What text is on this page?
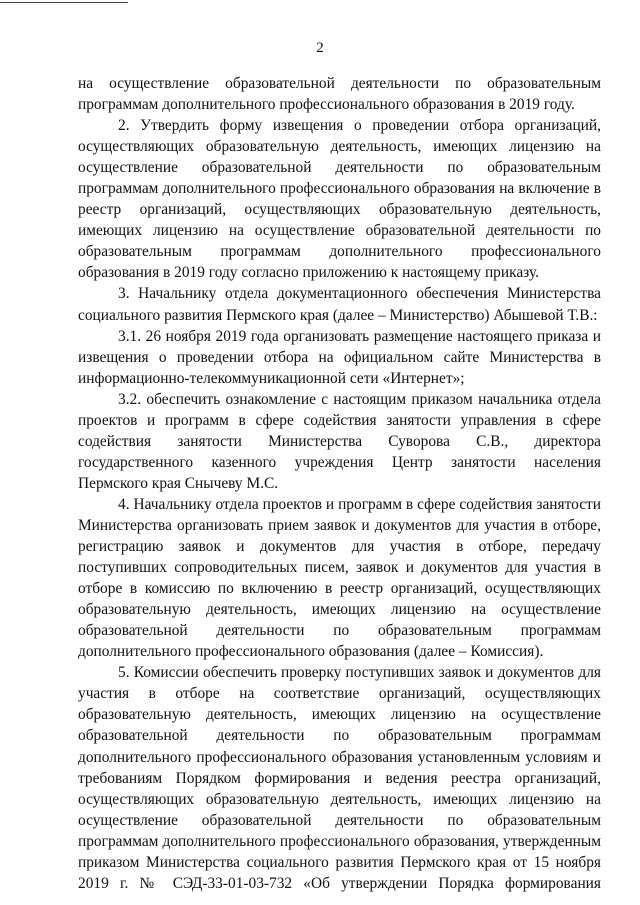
2

на осуществление образовательной деятельности по образовательным программам дополнительного профессионального образования в 2019 году.

2. Утвердить форму извещения о проведении отбора организаций, осуществляющих образовательную деятельность, имеющих лицензию на осуществление образовательной деятельности по образовательным программам дополнительного профессионального образования на включение в реестр организаций, осуществляющих образовательную деятельность, имеющих лицензию на осуществление образовательной деятельности по образовательным программам дополнительного профессионального образования в 2019 году согласно приложению к настоящему приказу.

3. Начальнику отдела документационного обеспечения Министерства социального развития Пермского края (далее – Министерство) Абышевой Т.В.:

3.1. 26 ноября 2019 года организовать размещение настоящего приказа и извещения о проведении отбора на официальном сайте Министерства в информационно-телекоммуникационной сети «Интернет»;

3.2. обеспечить ознакомление с настоящим приказом начальника отдела проектов и программ в сфере содействия занятости управления в сфере содействия занятости Министерства Суворова С.В., директора государственного казенного учреждения Центр занятости населения Пермского края Снычеву М.С.

4. Начальнику отдела проектов и программ в сфере содействия занятости Министерства организовать прием заявок и документов для участия в отборе, регистрацию заявок и документов для участия в отборе, передачу поступивших сопроводительных писем, заявок и документов для участия в отборе в комиссию по включению в реестр организаций, осуществляющих образовательную деятельность, имеющих лицензию на осуществление образовательной деятельности по образовательным программам дополнительного профессионального образования (далее – Комиссия).

5. Комиссии обеспечить проверку поступивших заявок и документов для участия в отборе на соответствие организаций, осуществляющих образовательную деятельность, имеющих лицензию на осуществление образовательной деятельности по образовательным программам дополнительного профессионального образования установленным условиям и требованиям Порядком формирования и ведения реестра организаций, осуществляющих образовательную деятельность, имеющих лицензию на осуществление образовательной деятельности по образовательным программам дополнительного профессионального образования, утвержденным приказом Министерства социального развития Пермского края от 15 ноября 2019 г. № СЭД-33-01-03-732 «Об утверждении Порядка формирования
